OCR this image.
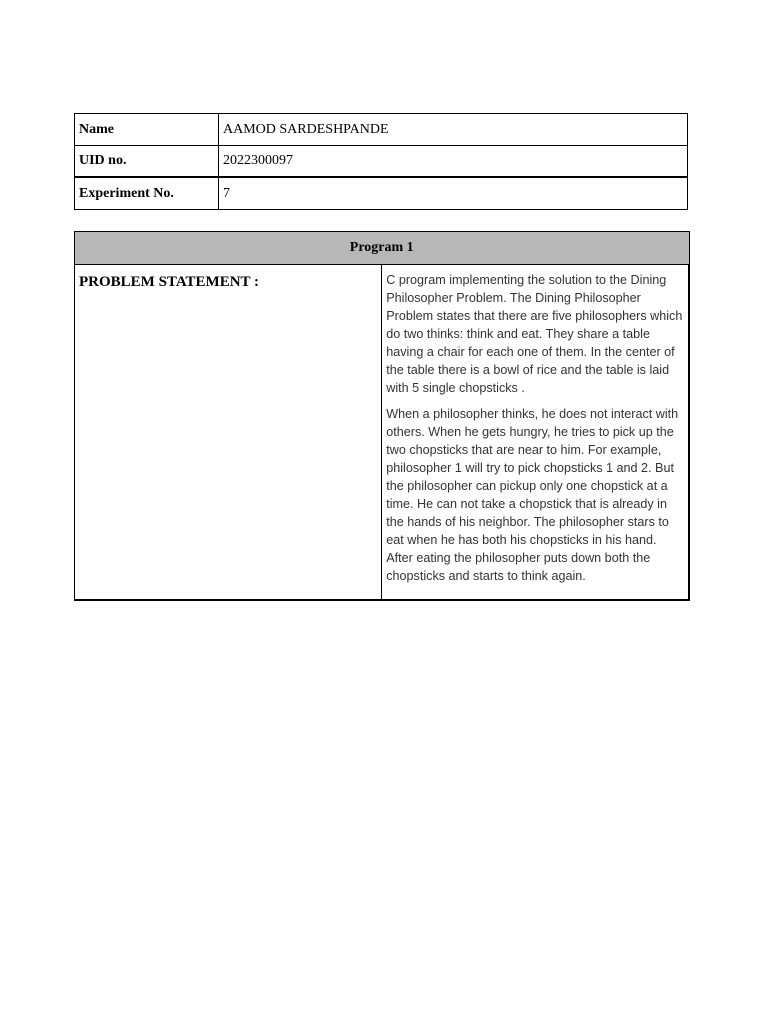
Name	AAMOD SARDESHPANDE
UID no.	2022300097
Experiment No.	7
Program 1
PROBLEM STATEMENT :	C program implementing the solution to the Dining Philosopher Problem. The Dining Philosopher Problem states that there are five philosophers which do two thinks: think and eat. They share a table having a chair for each one of them. In the center of the table there is a bowl of rice and the table is laid with 5 single chopsticks .

When a philosopher thinks, he does not interact with others. When he gets hungry, he tries to pick up the two chopsticks that are near to him. For example, philosopher 1 will try to pick chopsticks 1 and 2. But the philosopher can pickup only one chopstick at a time. He can not take a chopstick that is already in the hands of his neighbor. The philosopher stars to eat when he has both his chopsticks in his hand. After eating the philosopher puts down both the chopsticks and starts to think again.
